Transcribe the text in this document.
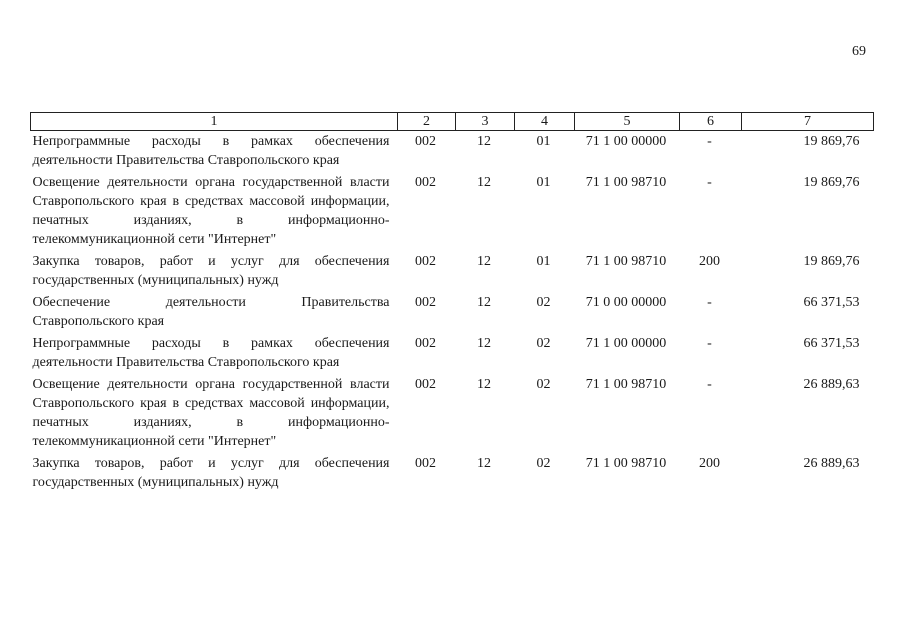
69
1	2	3	4	5	6	7
Непрограммные расходы в рамках обеспечения деятельности Правительства Ставропольского края	002	12	01	71 1 00 00000	-	19 869,76
Освещение деятельности органа государственной власти Ставропольского края в средствах массовой информации, печатных изданиях, в информационно-телекоммуникационной сети "Интернет"	002	12	01	71 1 00 98710	-	19 869,76
Закупка товаров, работ и услуг для обеспечения государственных (муниципальных) нужд	002	12	01	71 1 00 98710	200	19 869,76
Обеспечение деятельности Правительства Ставропольского края	002	12	02	71 0 00 00000	-	66 371,53
Непрограммные расходы в рамках обеспечения деятельности Правительства Ставропольского края	002	12	02	71 1 00 00000	-	66 371,53
Освещение деятельности органа государственной власти Ставропольского края в средствах массовой информации, печатных изданиях, в информационно-телекоммуникационной сети "Интернет"	002	12	02	71 1 00 98710	-	26 889,63
Закупка товаров, работ и услуг для обеспечения государственных (муниципальных) нужд	002	12	02	71 1 00 98710	200	26 889,63
